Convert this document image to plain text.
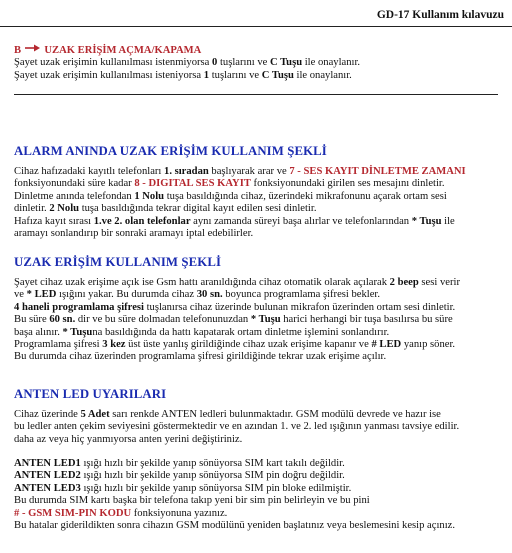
GD-17 Kullanım kılavuzu

B UZAK ERİŞİM AÇMA/KAPAMA

Şayet uzak erişimin kullanılması istenmiyorsa 0 tuşlarını ve C Tuşu ile onaylanır.

Şayet uzak erişimin kullanılması isteniyorsa 1 tuşlarını ve C Tuşu ile onaylanır.

ALARM ANINDA UZAK ERİŞİM KULLANIM ŞEKLİ

Cihaz hafızadaki kayıtlı telefonları 1. sıradan başlıyarak arar ve 7 - SES KAYIT DİNLETME ZAMANI

fonksiyonundaki süre kadar 8 - DIGITAL SES KAYIT fonksiyonundaki girilen ses mesajını dinletir.

Dinletme anında telefondan 1 Nolu tuşa basıldığında cihaz, üzerindeki mikrafonunu açarak ortam sesi

dinletir. 2 Nolu tuşa basıldığında tekrar digital kayıt edilen sesi dinletir.

Hafıza kayıt sırası 1.ve 2. olan telefonlar aynı zamanda süreyi başa alırlar ve telefonlarından * Tuşu ile

aramayı sonlandırıp bir sonraki aramayı iptal edebilirler.

UZAK ERİŞİM KULLANIM ŞEKLİ

Şayet cihaz uzak erişime açık ise Gsm hattı aranıldığında cihaz otomatik olarak açılarak 2 beep sesi verir

ve * LED ışığını yakar. Bu durumda cihaz 30 sn. boyunca programlama şifresi bekler.

4 haneli programlama şifresi tuşlanırsa cihaz üzerinde bulunan mikrafon üzerinden ortam sesi dinletir.

Bu süre 60 sn. dir ve bu süre dolmadan telefonunuzdan * Tuşu harici herhangi bir tuşa basılırsa bu süre

başa alınır. * Tuşuna basıldığında da hattı kapatarak ortam dinletme işlemini sonlandırır.

Programlama şifresi 3 kez üst üste yanlış girildiğinde cihaz uzak erişime kapanır ve # LED yanıp söner.

Bu durumda cihaz üzerinden programlama şifresi girildiğinde tekrar uzak erişime açılır.

ANTEN LED UYARILARI

Cihaz üzerinde 5 Adet sarı renkde ANTEN ledleri bulunmaktadır. GSM modülü devrede ve hazır ise

bu ledler anten çekim seviyesini göstermektedir ve en azından 1. ve 2. led ışığının yanması tavsiye edilir.

daha az veya hiç yanmıyorsa anten yerini değiştiriniz.

ANTEN LED1 ışığı hızlı bir şekilde yanıp sönüyorsa SIM kart takılı değildir.

ANTEN LED2 ışığı hızlı bir şekilde yanıp sönüyorsa SIM pin doğru değildir.

ANTEN LED3 ışığı hızlı bir şekilde yanıp sönüyorsa SIM pin bloke edilmiştir.

Bu durumda SIM kartı başka bir telefona takıp yeni bir sim pin belirleyin ve bu pini

# - GSM SIM-PIN KODU fonksiyonuna yazınız.

Bu hatalar giderildikten sonra cihazın GSM modülünü yeniden başlatınız veya beslemesini kesip açınız.
